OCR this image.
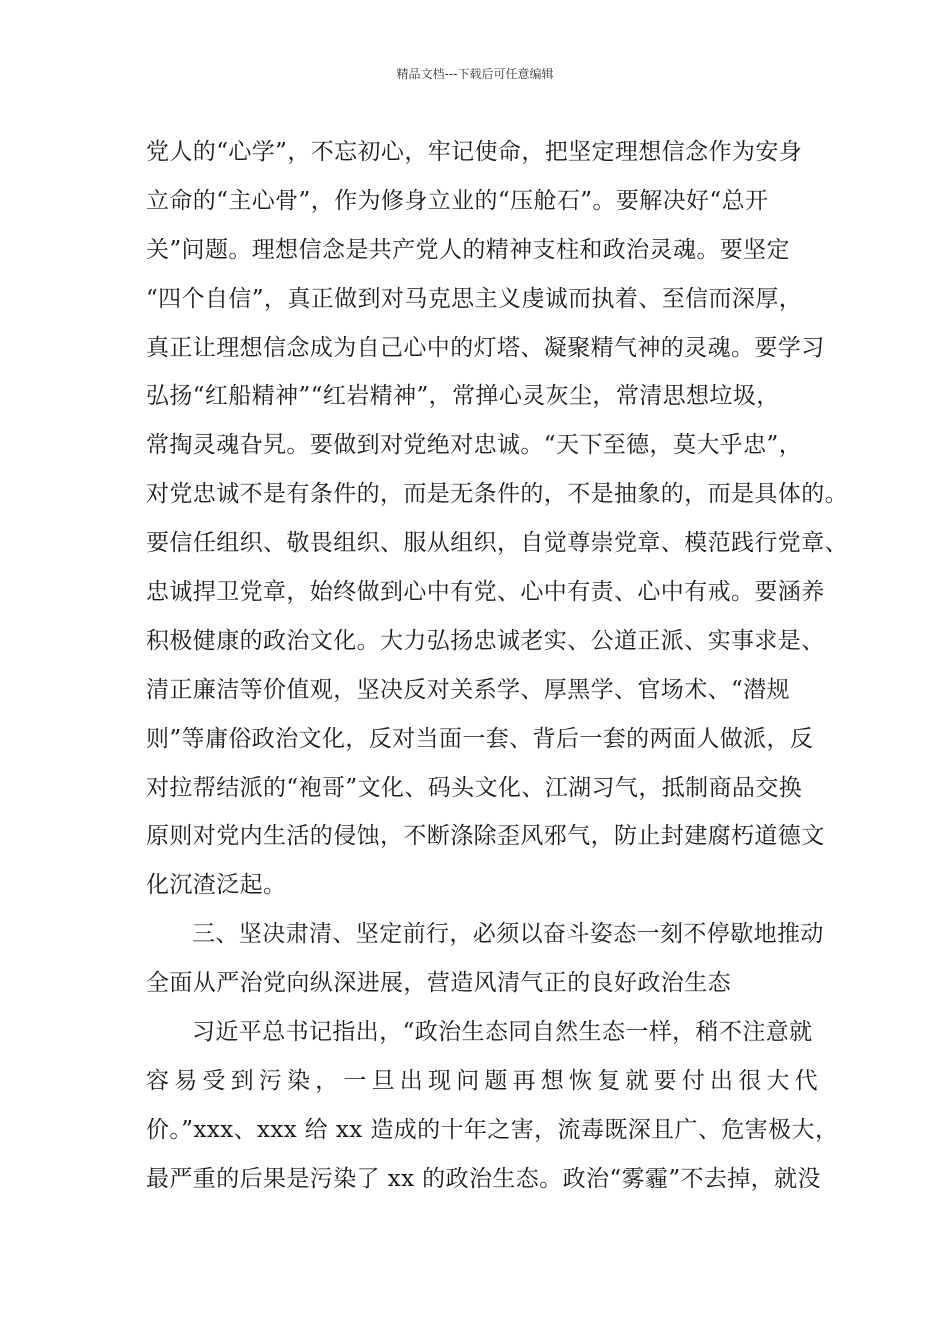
精品文档---下载后可任意编辑
党人的“心学”，不忘初心，牢记使命，把坚定理想信念作为安身
立命的“主心骨”，作为修身立业的“压舱石”。要解决好“总开
关”问题。理想信念是共产党人的精神支柱和政治灵魂。要坚定
“四个自信”，真正做到对马克思主义虔诚而执着、至信而深厚，
真正让理想信念成为自己心中的灯塔、凝聚精气神的灵魂。要学习
弘扬“红船精神”“红岩精神”，常掸心灵灰尘，常清思想垃圾，
常掏灵魂旮旯。要做到对党绝对忠诚。“天下至德，莫大乎忠”，
对党忠诚不是有条件的，而是无条件的，不是抽象的，而是具体的。
要信任组织、敬畏组织、服从组织，自觉尊崇党章、模范践行党章、
忠诚捍卫党章，始终做到心中有党、心中有责、心中有戒。要涵养
积极健康的政治文化。大力弘扬忠诚老实、公道正派、实事求是、
清正廉洁等价值观，坚决反对关系学、厚黑学、官场术、“潜规
则”等庸俗政治文化，反对当面一套、背后一套的两面人做派，反
对拉帮结派的“袍哥”文化、码头文化、江湖习气，抵制商品交换
原则对党内生活的侵蚀，不断涤除歪风邪气，防止封建腐朽道德文
化沉渣泛起。
三、坚决肃清、坚定前行，必须以奋斗姿态一刻不停歇地推动
全面从严治党向纵深进展，营造风清气正的良好政治生态
习近平总书记指出，“政治生态同自然生态一样，稍不注意就
容易受到污染，一旦出现问题再想恢复就要付出很大代
价。”xxx、xxx 给 xx 造成的十年之害，流毒既深且广、危害极大，
最严重的后果是污染了 xx 的政治生态。政治“雾霾”不去掉，就没
